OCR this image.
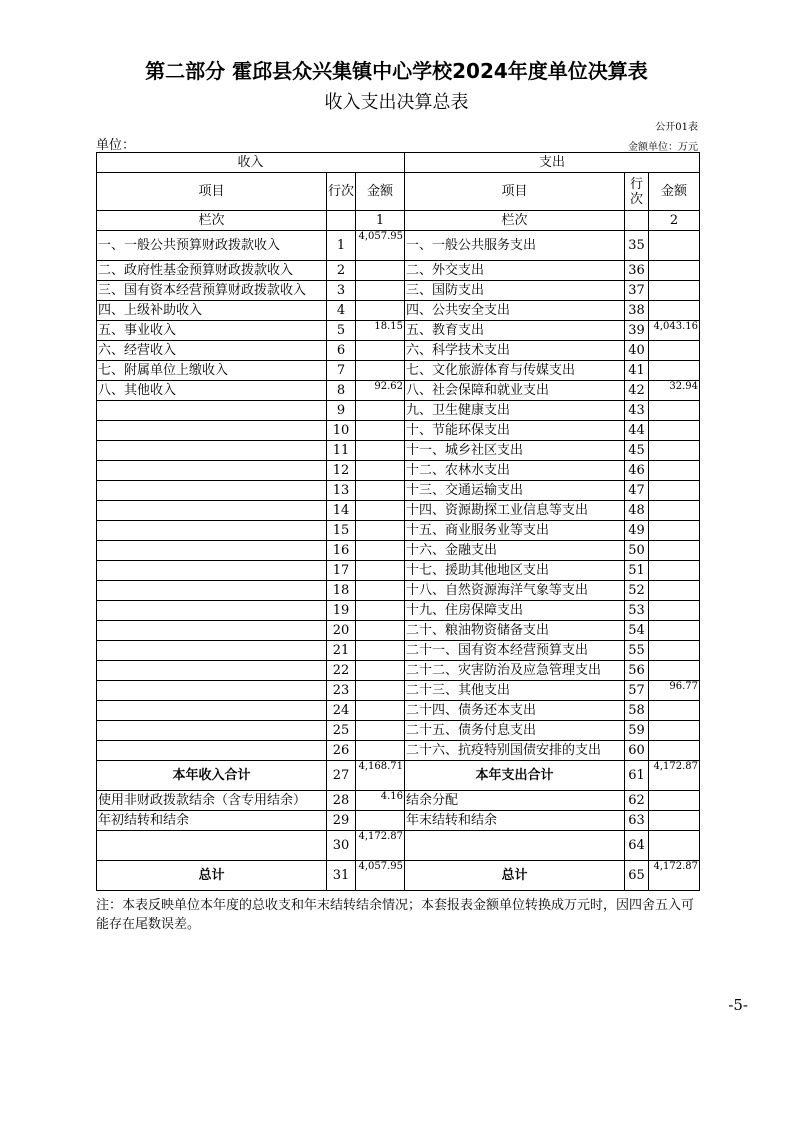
第二部分 霍邱县众兴集镇中心学校2024年度单位决算表
收入支出决算总表
公开01表
单位：	金额单位：万元
收入			支出		
项目	行次	金额	项目	行次	金额
栏次		1	栏次		2
一、一般公共预算财政拨款收入	1	4,057.95	一、一般公共服务支出	35	
二、政府性基金预算财政拨款收入	2		二、外交支出	36	
三、国有资本经营预算财政拨款收入	3		三、国防支出	37	
四、上级补助收入	4		四、公共安全支出	38	
五、事业收入	5	18.15	五、教育支出	39	4,043.16
六、经营收入	6		六、科学技术支出	40	
七、附属单位上缴收入	7		七、文化旅游体育与传媒支出	41	
八、其他收入	8	92.62	八、社会保障和就业支出	42	32.94
	9		九、卫生健康支出	43	
	10		十、节能环保支出	44	
	11		十一、城乡社区支出	45	
	12		十二、农林水支出	46	
	13		十三、交通运输支出	47	
	14		十四、资源勘探工业信息等支出	48	
	15		十五、商业服务业等支出	49	
	16		十六、金融支出	50	
	17		十七、援助其他地区支出	51	
	18		十八、自然资源海洋气象等支出	52	
	19		十九、住房保障支出	53	
	20		二十、粮油物资储备支出	54	
	21		二十一、国有资本经营预算支出	55	
	22		二十二、灾害防治及应急管理支出	56	
	23		二十三、其他支出	57	96.77
	24		二十四、债务还本支出	58	
	25		二十五、债务付息支出	59	
	26		二十六、抗疫特别国债安排的支出	60	
本年收入合计	27	4,168.71	本年支出合计	61	4,172.87
使用非财政拨款结余（含专用结余）	28	4.16	结余分配	62	
年初结转和结余	29		年末结转和结余	63	
	30	4,172.87		64	
总计	31	4,057.95	总计	65	4,172.87
注：本表反映单位本年度的总收支和年末结转结余情况；本套报表金额单位转换成万元时，因四舍五入可能存在尾数误差。
-5-
